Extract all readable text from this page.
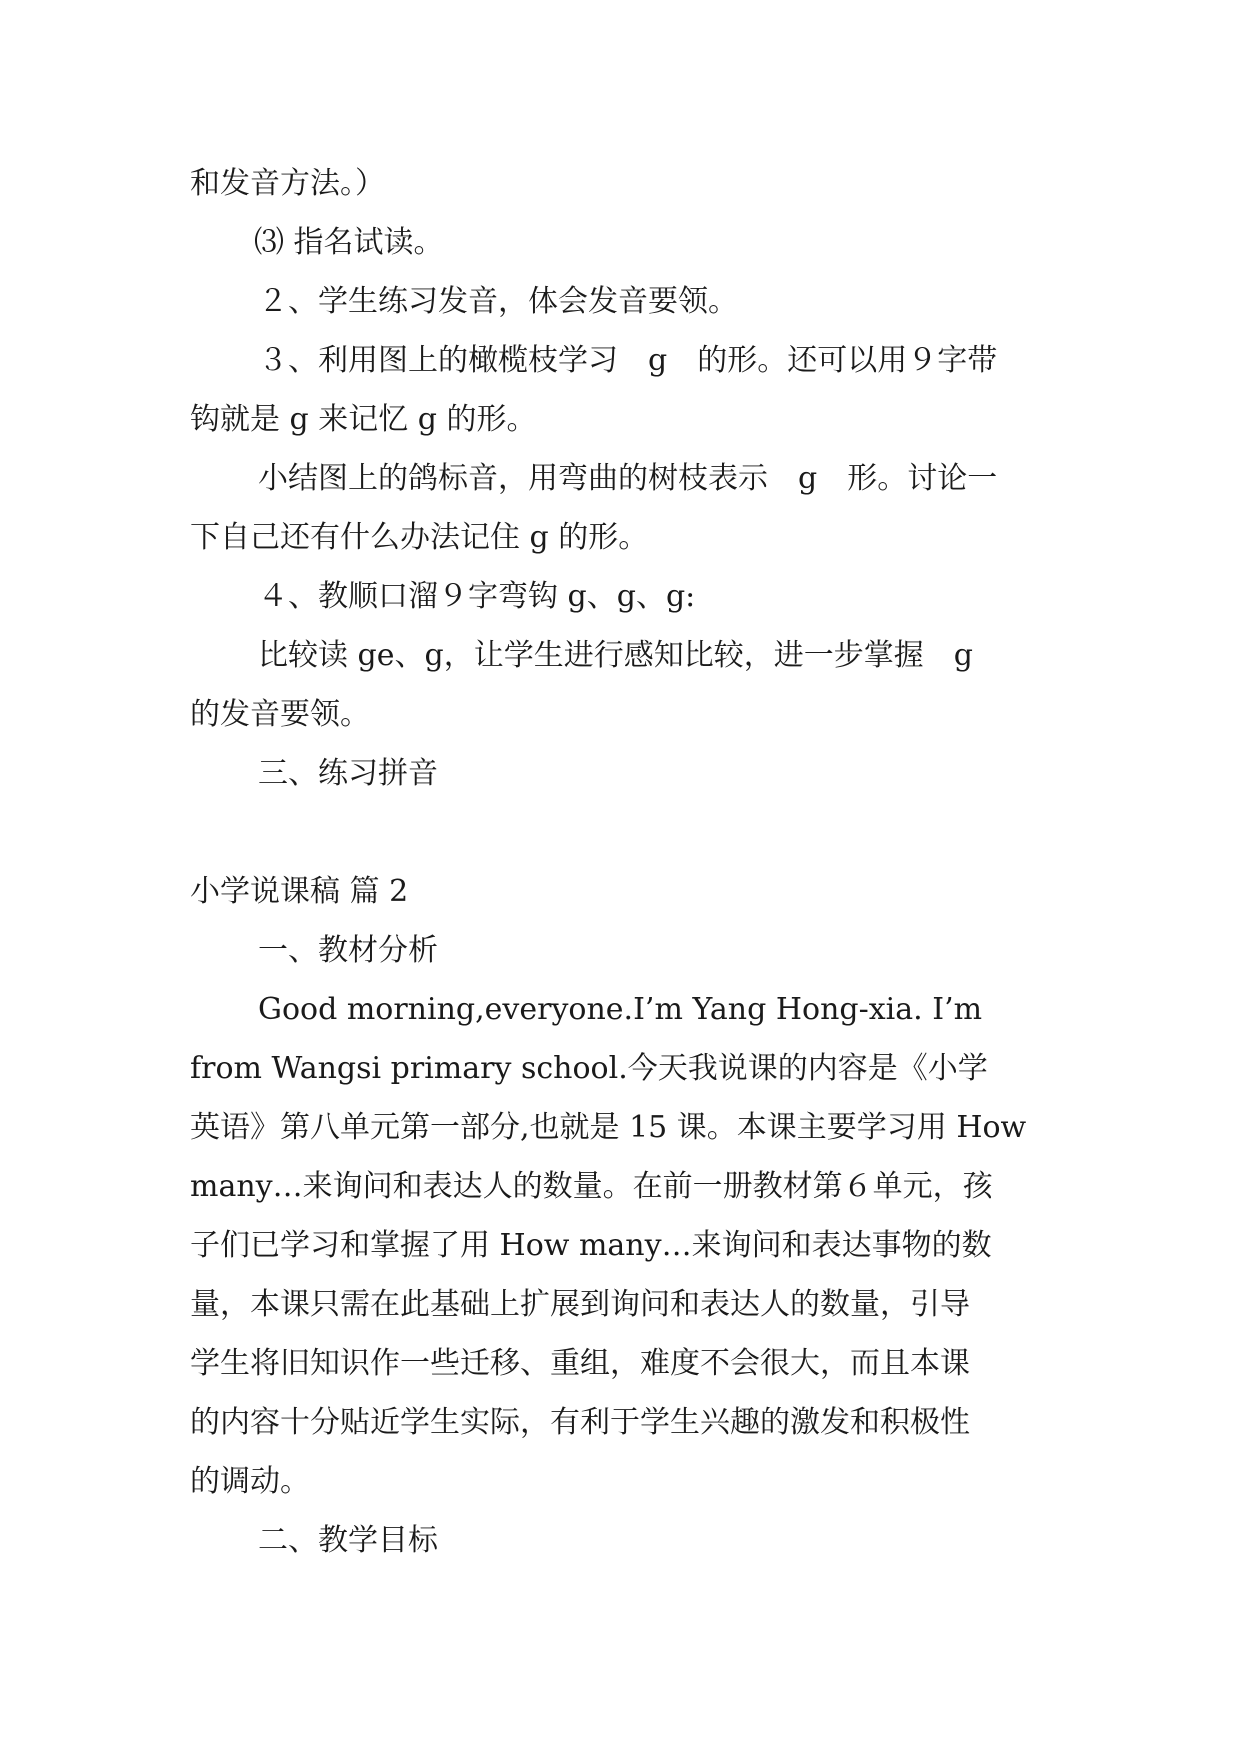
和发音方法。）
⑶ 指名试读。
２、学生练习发音，体会发音要领。
３、利用图上的橄榄枝学习　g　的形。还可以用９字带
钩就是 g 来记忆 g 的形。
小结图上的鸽标音，用弯曲的树枝表示　g　形。讨论一
下自己还有什么办法记住 g 的形。
４、教顺口溜９字弯钩 g、g、g:
比较读 ge、g，让学生进行感知比较，进一步掌握　g
的发音要领。
三、练习拼音
小学说课稿 篇 2
一、教材分析
Good morning,everyone.I’m Yang Hong-xia. I’m
from Wangsi primary school.今天我说课的内容是《小学
英语》第八单元第一部分,也就是 15 课。本课主要学习用 How
many…来询问和表达人的数量。在前一册教材第６单元，孩
子们已学习和掌握了用 How many…来询问和表达事物的数
量，本课只需在此基础上扩展到询问和表达人的数量，引导
学生将旧知识作一些迁移、重组，难度不会很大，而且本课
的内容十分贴近学生实际，有利于学生兴趣的激发和积极性
的调动。
二、教学目标
